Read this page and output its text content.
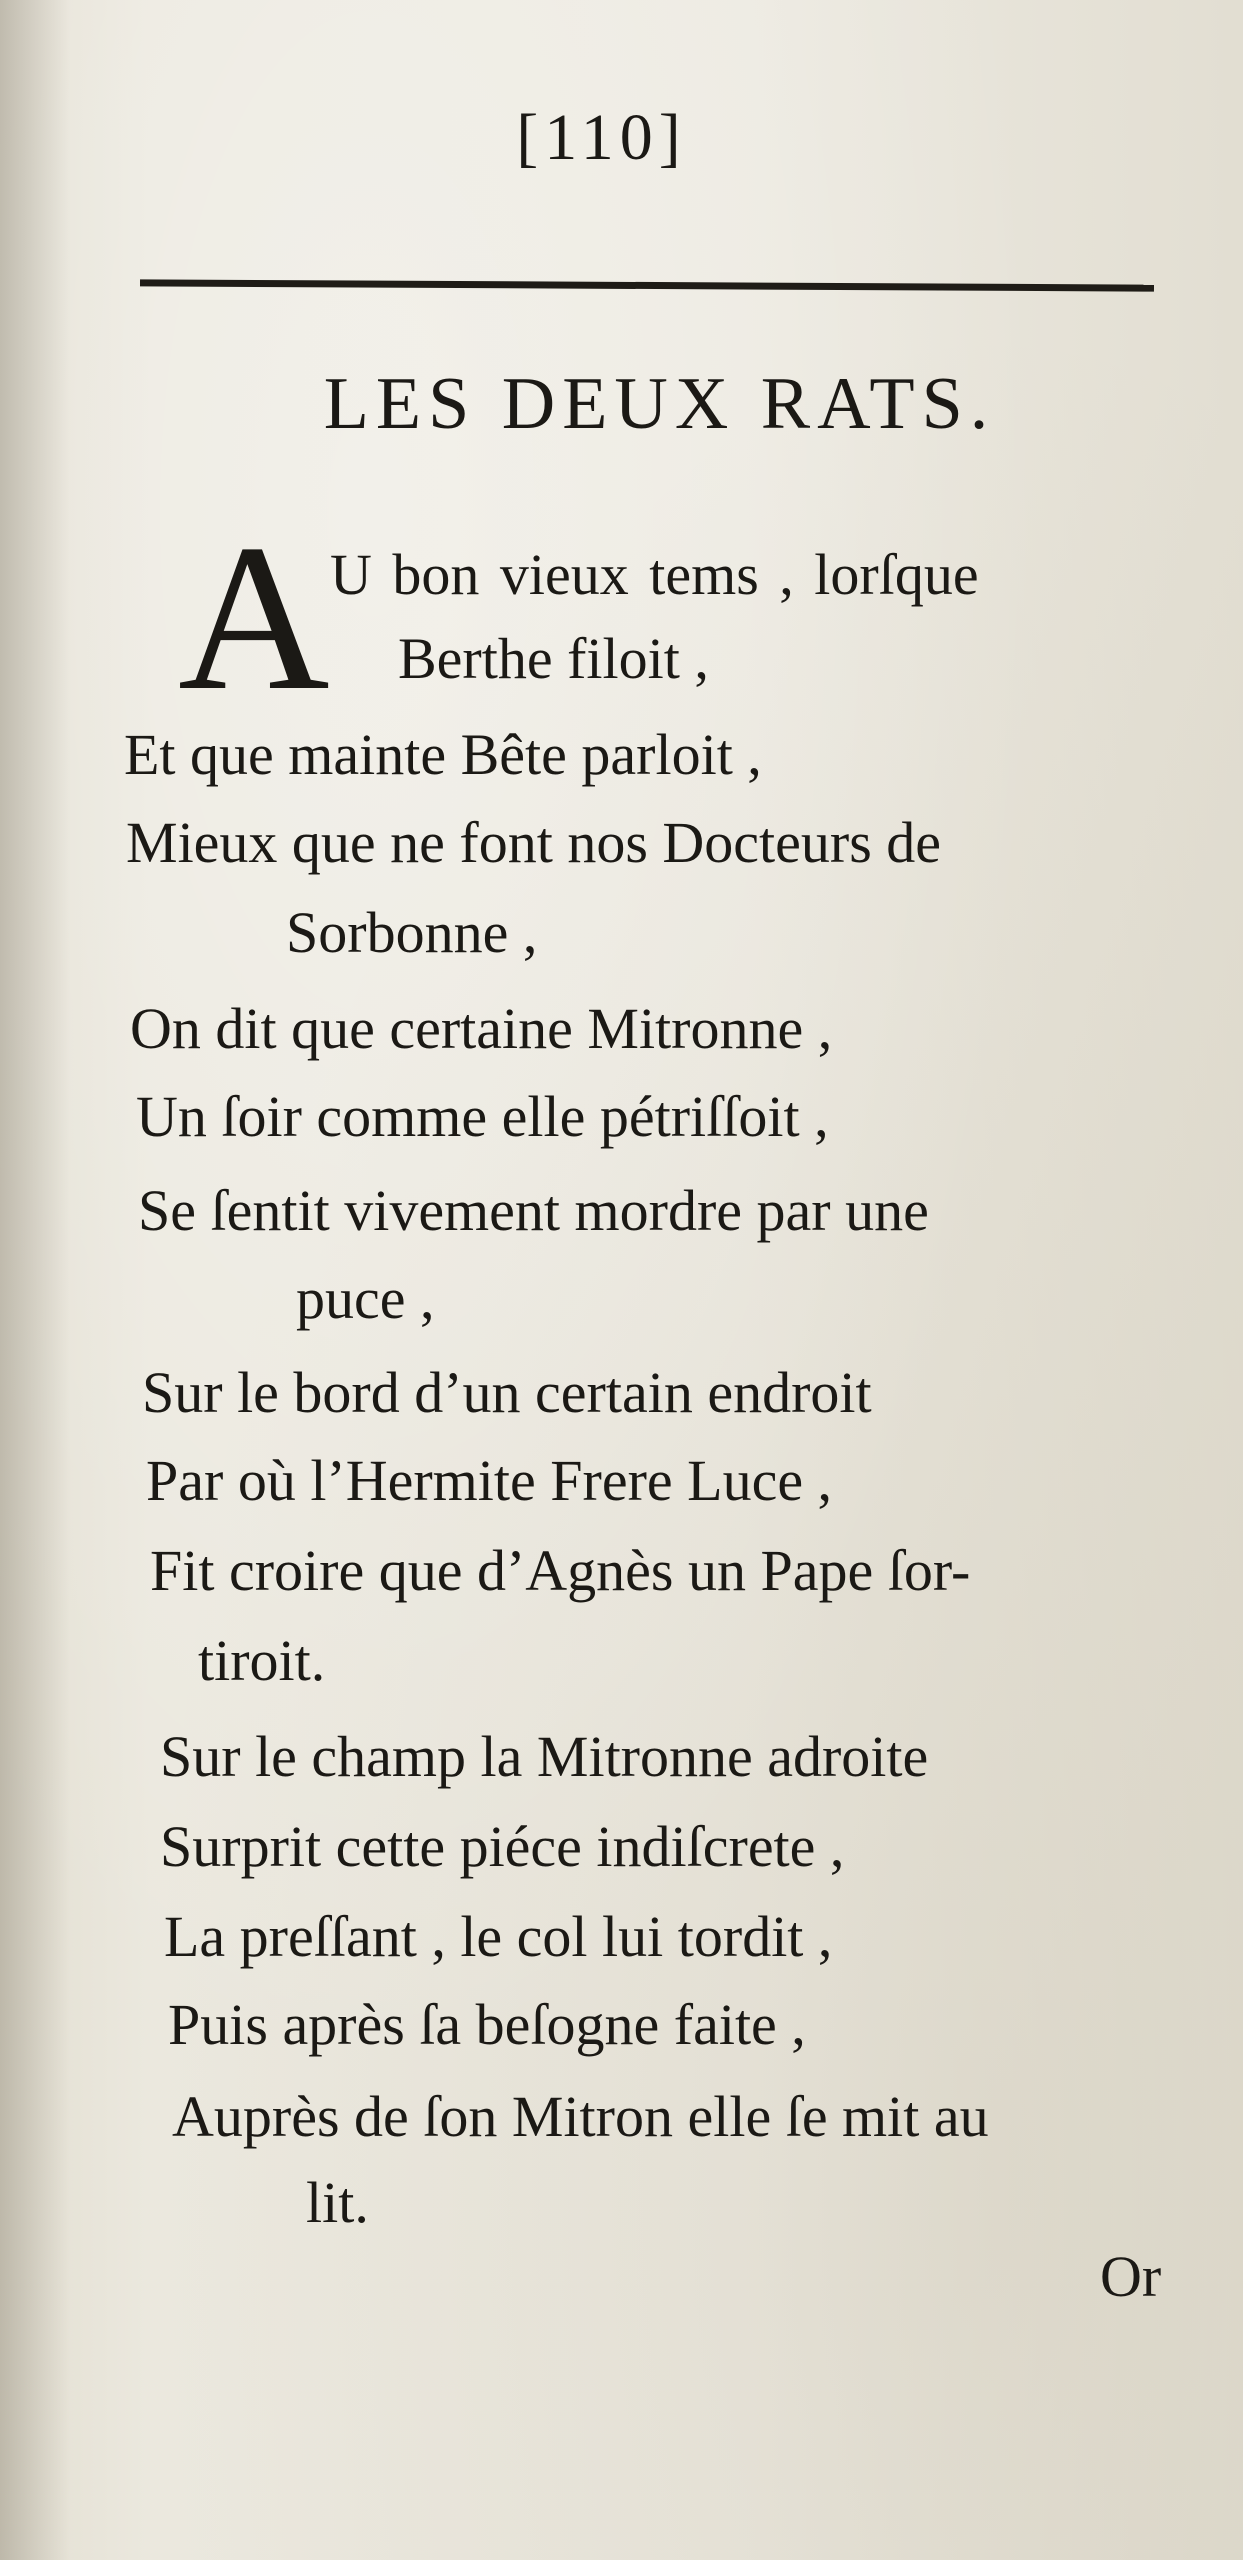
[110]
LES DEUX RATS.
A U bon vieux tems , lorſque
Berthe filoit ,
Et que mainte Bête parloit ,
Mieux que ne font nos Docteurs de
Sorbonne ,
On dit que certaine Mitronne ,
Un ſoir comme elle pétriſſoit ,
Se ſentit vivement mordre par une
puce ,
Sur le bord d’un certain endroit
Par où l’Hermite Frere Luce ,
Fit croire que d’Agnès un Pape ſor-
tiroit.
Sur le champ la Mitronne adroite
Surprit cette piéce indiſcrete ,
La preſſant , le col lui tordit ,
Puis après ſa beſogne faite ,
Auprès de ſon Mitron elle ſe mit au
lit.
Or
